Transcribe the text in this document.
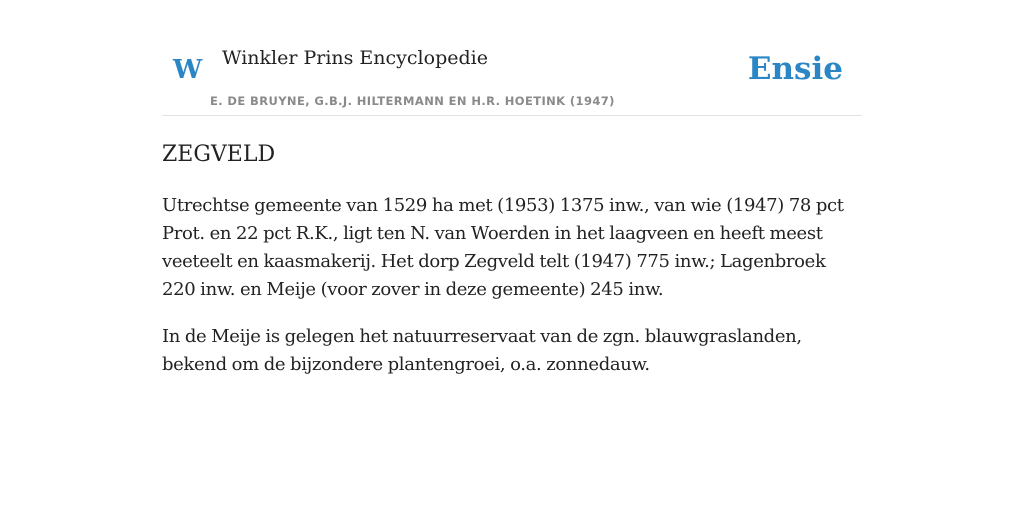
W Winkler Prins Encyclopedie
E. DE BRUYNE, G.B.J. HILTERMANN EN H.R. HOETINK (1947)
Ensie
ZEGVELD

Utrechtse gemeente van 1529 ha met (1953) 1375 inw., van wie (1947) 78 pct Prot. en 22 pct R.K., ligt ten N. van Woerden in het laagveen en heeft meest veeteelt en kaasmakerij. Het dorp Zegveld telt (1947) 775 inw.; Lagenbroek 220 inw. en Meije (voor zover in deze gemeente) 245 inw.

In de Meije is gelegen het natuurreservaat van de zgn. blauwgraslanden, bekend om de bijzondere plantengroei, o.a. zonnedauw.
